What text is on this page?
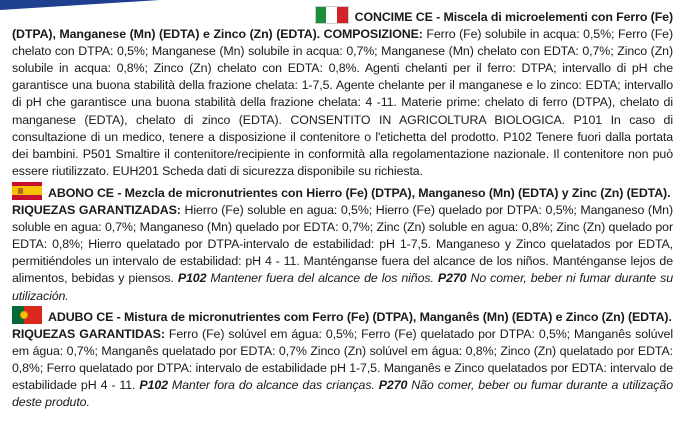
CONCIME CE - Miscela di microelementi con Ferro (Fe)
(DTPA), Manganese (Mn) (EDTA) e Zinco (Zn) (EDTA). COMPOSIZIONE: Ferro (Fe) solubile in acqua: 0,5%; Ferro (Fe) chelato con DTPA: 0,5%; Manganese (Mn) solubile in acqua: 0,7%; Manganese (Mn) chelato con EDTA: 0,7%; Zinco (Zn) solubile in acqua: 0,8%; Zinco (Zn) chelato con EDTA: 0,8%. Agenti chelanti per il ferro: DTPA; intervallo di pH che garantisce una buona stabilità della frazione chelata: 1-7,5. Agente chelante per il manganese e lo zinco: EDTA; intervallo di pH che garantisce una buona stabilità della frazione chelata: 4 -11. Materie prime: chelato di ferro (DTPA), chelato di manganese (EDTA), chelato di zinco (EDTA). CONSENTITO IN AGRICOLTURA BIOLOGICA. P101 In caso di consultazione di un medico, tenere a disposizione il contenitore o l'etichetta del prodotto. P102 Tenere fuori dalla portata dei bambini. P501 Smaltire il contenitore/recipiente in conformità alla regolamentazione nazionale. Il contenitore non può essere riutilizzato. EUH201 Scheda dati di sicurezza disponibile su richiesta.

ABONO CE - Mezcla de micronutrientes con Hierro (Fe) (DTPA), Manganeso (Mn) (EDTA) y Zinc (Zn) (EDTA).
RIQUEZAS GARANTIZADAS: Hierro (Fe) soluble en agua: 0,5%; Hierro (Fe) quelado por DTPA: 0,5%; Manganeso (Mn) soluble en agua: 0,7%; Manganeso (Mn) quelado por EDTA: 0,7%; Zinc (Zn) soluble en agua: 0,8%; Zinc (Zn) quelado por EDTA: 0,8%; Hierro quelatado por DTPA-intervalo de estabilidad: pH 1-7,5. Manganeso y Zinco quelatados por EDTA, permitiéndoles un intervalo de estabilidad: pH 4 - 11. Manténganse fuera del alcance de los niños. Manténganse lejos de alimentos, bebidas y piensos. P102 Mantener fuera del alcance de los niños. P270 No comer, beber ni fumar durante su utilización.

ADUBO CE - Mistura de micronutrientes com Ferro (Fe) (DTPA), Manganês (Mn) (EDTA) e Zinco (Zn) (EDTA).
RIQUEZAS GARANTIDAS: Ferro (Fe) solúvel em água: 0,5%; Ferro (Fe) quelatado por DTPA: 0,5%; Manganês solúvel em água: 0,7%; Manganês quelatado por EDTA: 0,7% Zinco (Zn) solúvel em água: 0,8%; Zinco (Zn) quelatado por EDTA: 0,8%; Ferro quelatado por DTPA: intervalo de estabilidade pH 1-7,5. Manganês e Zinco quelatados por EDTA: intervalo de estabilidade pH 4 - 11. P102 Manter fora do alcance das crianças. P270 Não comer, beber ou fumar durante a utilização deste produto.
